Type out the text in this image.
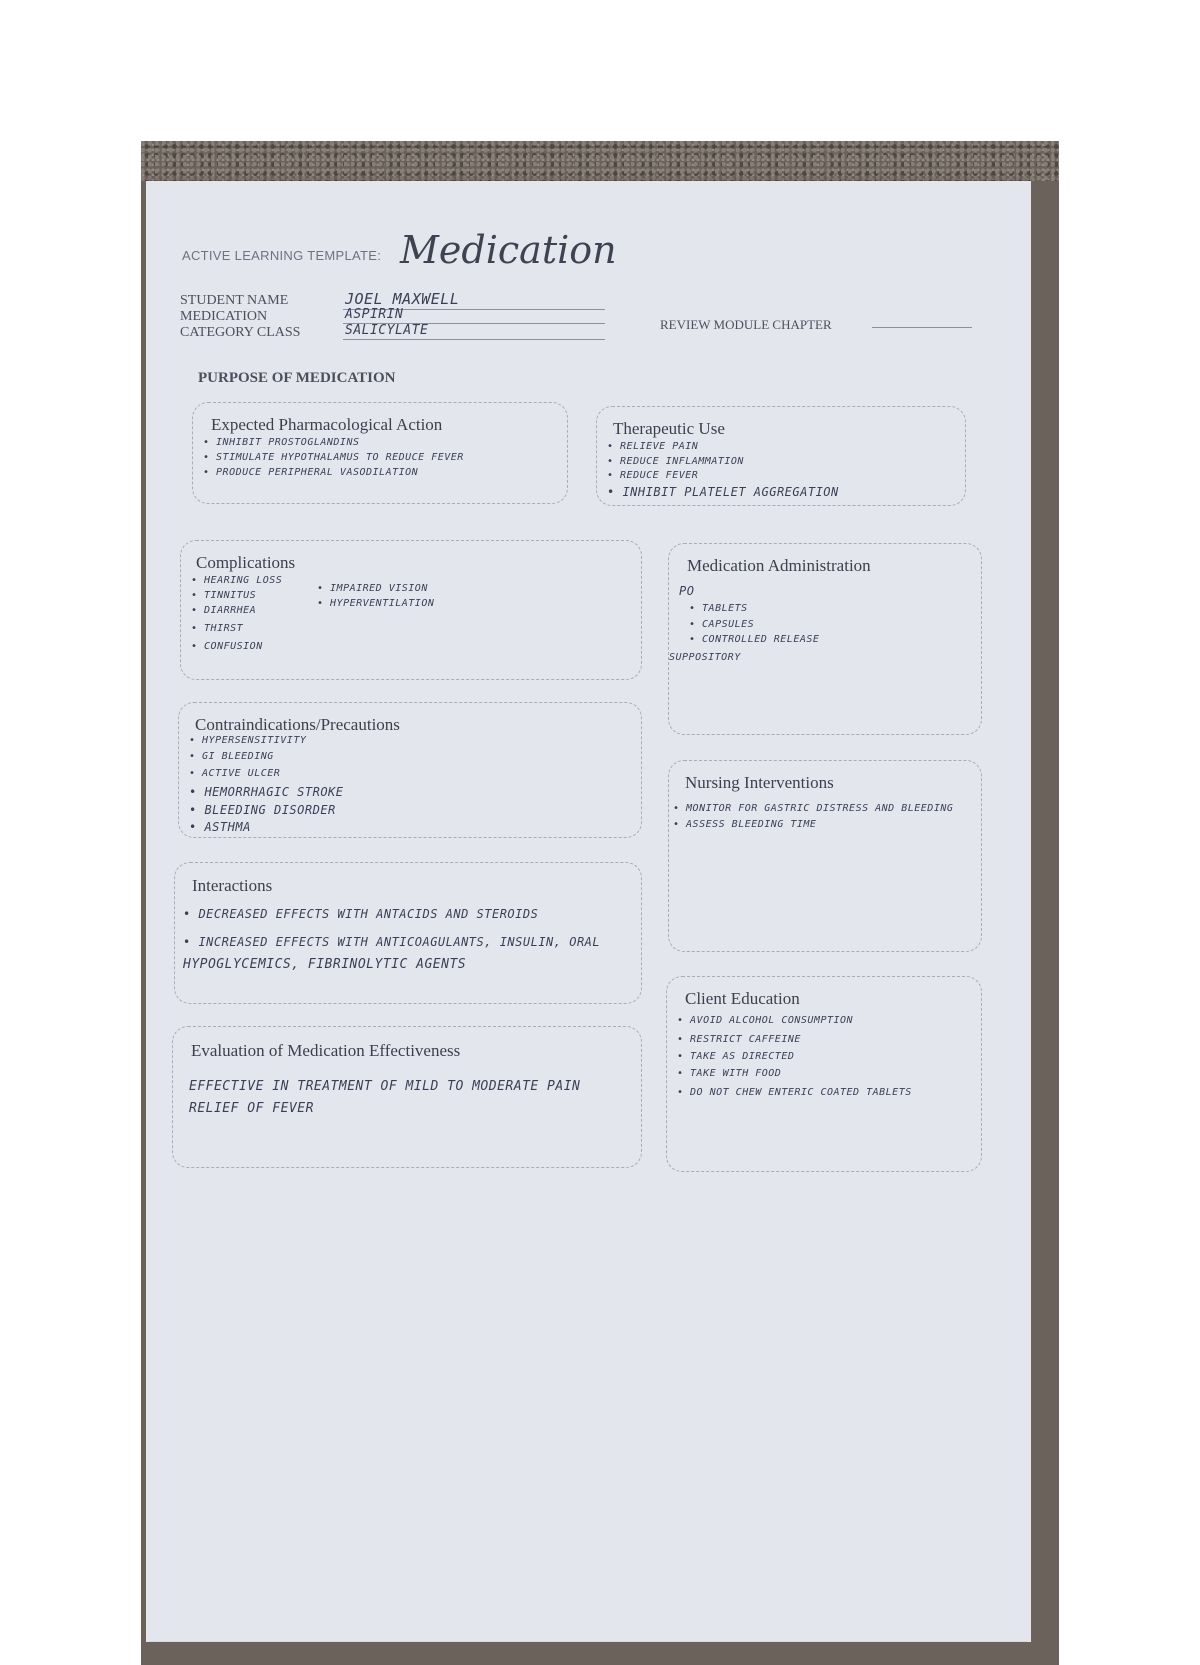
ACTIVE LEARNING TEMPLATE: Medication
STUDENT NAME
MEDICATION
CATEGORY CLASS
JOEL MAXWELL
ASPIRIN
SALICYLATE	REVIEW MODULE CHAPTER
PURPOSE OF MEDICATION
Expected Pharmacological Action
• INHIBIT PROSTOGLANDINS
• STIMULATE HYPOTHALAMUS TO REDUCE FEVER
• PRODUCE PERIPHERAL VASODILATION
Therapeutic Use
• RELIEVE PAIN
• REDUCE INFLAMMATION
• REDUCE FEVER
• INHIBIT PLATELET AGGREGATION
Complications
• HEARING LOSS
• TINNITUS
• DIARRHEA
• THIRST
• CONFUSION
• IMPAIRED VISION
• HYPERVENTILATION
Medication Administration
PO
• TABLETS
• CAPSULES
• CONTROLLED RELEASE
SUPPOSITORY
Contraindications/Precautions
• HYPERSENSITIVITY
• GI BLEEDING
• ACTIVE ULCER
• HEMORRHAGIC STROKE
• BLEEDING DISORDER
• ASTHMA
Nursing Interventions
• MONITOR FOR GASTRIC DISTRESS AND BLEEDING
• ASSESS BLEEDING TIME
Interactions
• DECREASED EFFECTS WITH ANTACIDS AND STEROIDS
• INCREASED EFFECTS WITH ANTICOAGULANTS, INSULIN, ORAL
HYPOGLYCEMICS, FIBRINOLYTIC AGENTS
Client Education
• AVOID ALCOHOL CONSUMPTION
• RESTRICT CAFFEINE
• TAKE AS DIRECTED
• TAKE WITH FOOD
• DO NOT CHEW ENTERIC COATED TABLETS
Evaluation of Medication Effectiveness
EFFECTIVE IN TREATMENT OF MILD TO MODERATE PAIN
RELIEF OF FEVER
